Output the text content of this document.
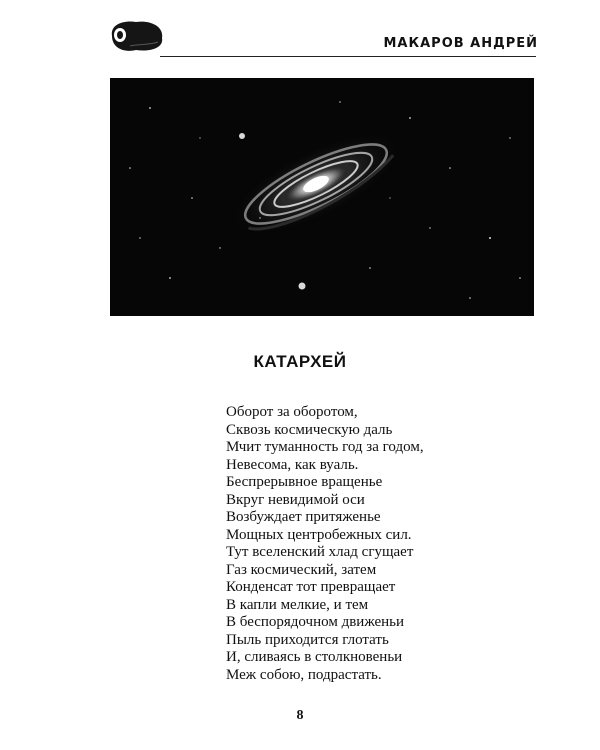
МАКАРОВ АНДРЕЙ
КАТАРХЕЙ
Оборот за оборотом,
Сквозь космическую даль
Мчит туманность год за годом,
Невесома, как вуаль.
Беспрерывное вращенье
Вкруг невидимой оси
Возбуждает притяженье
Мощных центробежных сил.
Тут вселенский хлад сгущает
Газ космический, затем
Конденсат тот превращает
В капли мелкие, и тем
В беспорядочном движеньи
Пыль приходится глотать
И, сливаясь в столкновеньи
Меж собою, подрастать.
8
